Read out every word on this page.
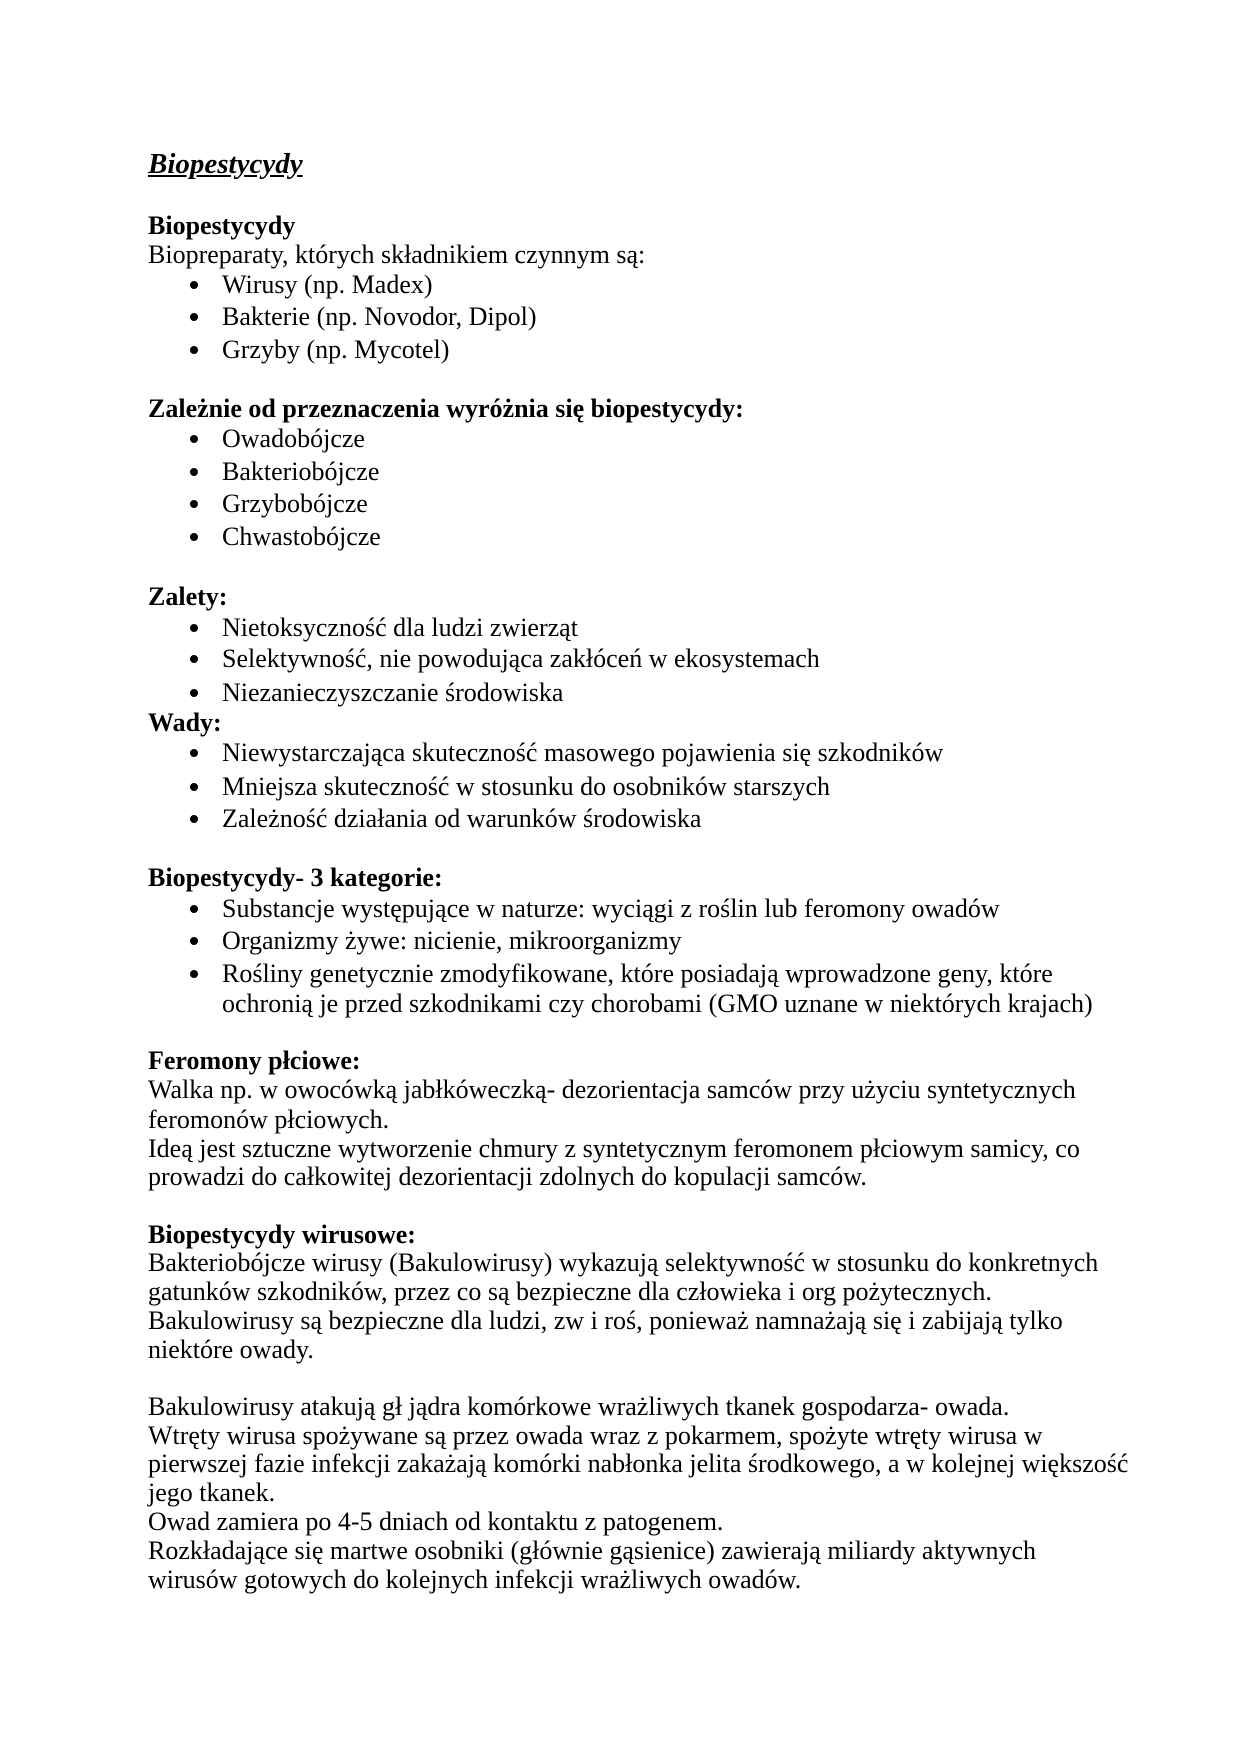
Biopestycydy
Biopestycydy
Biopreparaty, których składnikiem czynnym są:
Wirusy (np. Madex)
Bakterie (np. Novodor, Dipol)
Grzyby (np. Mycotel)
Zależnie od przeznaczenia wyróżnia się biopestycydy:
Owadobójcze
Bakteriobójcze
Grzybobójcze
Chwastobójcze
Zalety:
Nietoksyczność dla ludzi zwierząt
Selektywność, nie powodująca zakłóceń w ekosystemach
Niezanieczyszczanie środowiska
Wady:
Niewystarczająca skuteczność masowego pojawienia się szkodników
Mniejsza skuteczność w stosunku do osobników starszych
Zależność działania od warunków środowiska
Biopestycydy- 3 kategorie:
Substancje występujące w naturze: wyciągi z roślin lub feromony owadów
Organizmy żywe: nicienie, mikroorganizmy
Rośliny genetycznie zmodyfikowane, które posiadają wprowadzone geny, które
ochronią je przed szkodnikami czy chorobami (GMO uznane w niektórych krajach)
Feromony płciowe:
Walka np. w owocówką jabłkóweczką- dezorientacja samców przy użyciu syntetycznych
feromonów płciowych.
Ideą jest sztuczne wytworzenie chmury z syntetycznym feromonem płciowym samicy, co
prowadzi do całkowitej dezorientacji zdolnych do kopulacji samców.
Biopestycydy wirusowe:
Bakteriobójcze wirusy (Bakulowirusy) wykazują selektywność w stosunku do konkretnych
gatunków szkodników, przez co są bezpieczne dla człowieka i org pożytecznych.
Bakulowirusy są bezpieczne dla ludzi, zw i roś, ponieważ namnażają się i zabijają tylko
niektóre owady.
Bakulowirusy atakują gł jądra komórkowe wrażliwych tkanek gospodarza- owada.
Wtręty wirusa spożywane są przez owada wraz z pokarmem, spożyte wtręty wirusa w
pierwszej fazie infekcji zakażają komórki nabłonka jelita środkowego, a w kolejnej większość
jego tkanek.
Owad zamiera po 4-5 dniach od kontaktu z patogenem.
Rozkładające się martwe osobniki (głównie gąsienice) zawierają miliardy aktywnych
wirusów gotowych do kolejnych infekcji wrażliwych owadów.
